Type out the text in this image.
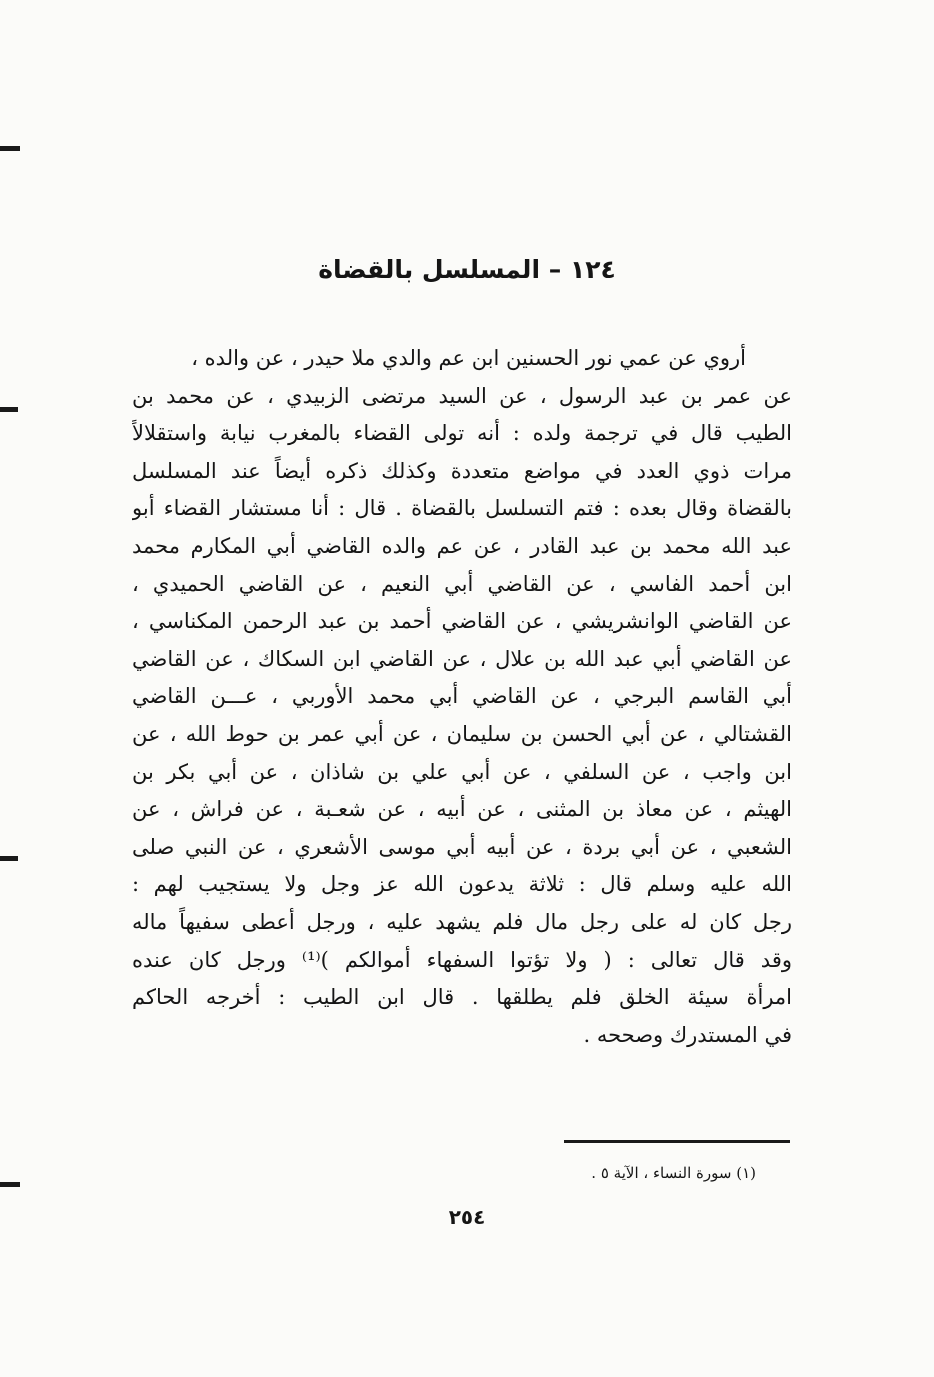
١٢٤ – المسلسل بالقضاة
أروي عن عمي نور الحسنين ابن عم والدي ملا حيدر ، عن والده ،
عن عمر بن عبد الرسول ، عن السيد مرتضى الزبيدي ، عن محمد بن
الطيب قال في ترجمة ولده : أنه تولى القضاء بالمغرب نيابة واستقلالاً
مرات ذوي العدد في مواضع متعددة وكذلك ذكره أيضاً عند المسلسل
بالقضاة وقال بعده : فتم التسلسل بالقضاة . قال : أنا مستشار القضاء أبو
عبد الله محمد بن عبد القادر ، عن عم والده القاضي أبي المكارم محمد
ابن أحمد الفاسي ، عن القاضي أبي النعيم ، عن القاضي الحميدي ،
عن القاضي الوانشريشي ، عن القاضي أحمد بن عبد الرحمن المكناسي ،
عن القاضي أبي عبد الله بن علال ، عن القاضي ابن السكاك ، عن القاضي
أبي القاسم البرجي ، عن القاضي أبي محمد الأوربي ، عـــن القاضي
القشتالي ، عن أبي الحسن بن سليمان ، عن أبي عمر بن حوط الله ، عن
ابن واجب ، عن السلفي ، عن أبي علي بن شاذان ، عن أبي بكر بن
الهيثم ، عن معاذ بن المثنى ، عن أبيه ، عن شعـبة ، عن فراش ، عن
الشعبي ، عن أبي بردة ، عن أبيه أبي موسى الأشعري ، عن النبي صلى
الله عليه وسلم قال : ثلاثة يدعون الله عز وجل ولا يستجيب لهم :
رجل كان له على رجل مال فلم يشهد عليه ، ورجل أعطى سفيهاً ماله
وقد قال تعالى : ( ولا تؤتوا السفهاء أموالكم )⁽¹⁾ ورجل كان عنده
امرأة سيئة الخلق فلم يطلقها . قال ابن الطيب : أخرجه الحاكم
في المستدرك وصححه .
(١) سورة النساء ، الآية ٥ .
٢٥٤
